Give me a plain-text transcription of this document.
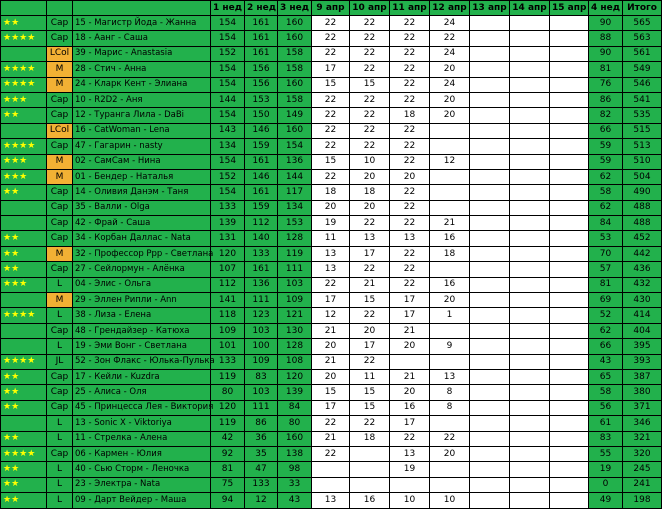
			1 нед	2 нед	3 нед	9 апр	10 апр	11 апр	12 апр	13 апр	14 апр	15 апр	4 нед	Итого
★★	Cap	15 - Магистр Йода - Жанна	154	161	160	22	22	22	24				90	565
★★★★	Cap	18 - Аанг - Саша	154	161	160	22	22	22	22				88	563
	LCol	39 - Марис - Anastasia	152	161	158	22	22	22	24				90	561
★★★★	M	28 - Стич - Анна	154	156	158	17	22	22	20				81	549
★★★★	M	24 - Кларк Кент - Элиана	154	156	160	15	15	22	24				76	546
★★★	Cap	10 - R2D2 - Аня	144	153	158	22	22	22	20				86	541
★★	Cap	12 - Туранга Лила - DaBi	154	150	149	22	22	18	20				82	535
	LCol	16 - CatWoman - Lena	143	146	160	22	22	22					66	515
★★★★	Cap	47 - Гагарин - nasty	134	159	154	22	22	22					59	513
★★★	M	02 - СамСам - Нина	154	161	136	15	10	22	12				59	510
★★★	M	01 - Бендер - Наталья	152	146	144	22	20	20					62	504
★★	Cap	14 - Оливия Данэм - Таня	154	161	117	18	18	22					58	490
	Cap	35 - Валли - Olga	133	159	134	20	20	22					62	488
	Cap	42 - Фрай - Саша	139	112	153	19	22	22	21				84	488
★★	Cap	34 - Корбан Даллас - Nata	131	140	128	11	13	13	16				53	452
★★	M	32 - Профессор Ppp - Светлана	120	133	119	13	17	22	18				70	442
★★	Cap	27 - Сейлормун - Алёнка	107	161	111	13	22	22					57	436
★★★	L	04 - Элис - Ольга	112	136	103	22	21	22	16				81	432
	M	29 - Эллен Рипли - Ann	141	111	109	17	15	17	20				69	430
★★★★	L	38 - Лиза - Елена	118	123	121	12	22	17	1				52	414
	Cap	48 - Грендайзер - Катюха	109	103	130	21	20	21					62	404
	L	19 - Эми Вонг - Светлана	101	100	128	20	17	20	9				66	395
★★★★	JL	52 - Зон Флакс - Юлька-Пулька	133	109	108	21	22						43	393
★★	Cap	17 - Кейли - Kuzdra	119	83	120	20	11	21	13				65	387
★★	Cap	25 - Алиса - Оля	80	103	139	15	15	20	8				58	380
★★	Cap	45 - Принцесса Лея - Виктория	120	111	84	17	15	16	8				56	371
	L	13 - Sonic X - Viktoriya	119	86	80	22	22	17					61	346
★★	L	11 - Стрелка - Алена	42	36	160	21	18	22	22				83	321
★★★★	Cap	06 - Кармен - Юлия	92	35	138	22		13	20				55	320
★★	L	40 - Сью Сторм - Леночка	81	47	98			19					19	245
★★	L	23 - Электра - Nata	75	133	33								0	241
★★	L	09 - Дарт Вейдер - Маша	94	12	43	13	16	10	10				49	198
